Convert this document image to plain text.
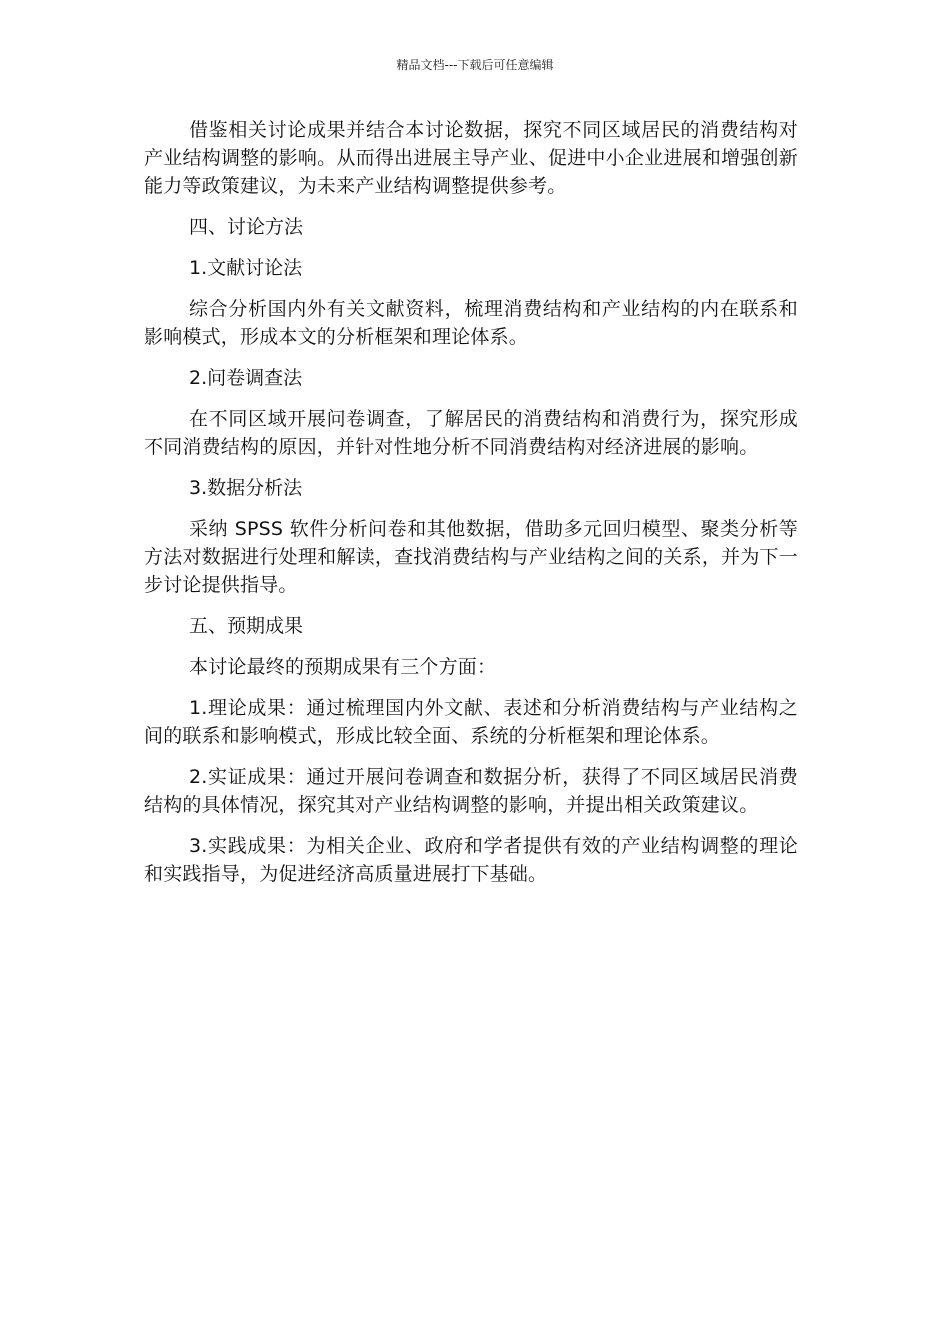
精品文档---下载后可任意编辑

借鉴相关讨论成果并结合本讨论数据，探究不同区域居民的消费结构对产业结构调整的影响。从而得出进展主导产业、促进中小企业进展和增强创新能力等政策建议，为未来产业结构调整提供参考。

四、讨论方法

1.文献讨论法

综合分析国内外有关文献资料，梳理消费结构和产业结构的内在联系和影响模式，形成本文的分析框架和理论体系。

2.问卷调查法

在不同区域开展问卷调查，了解居民的消费结构和消费行为，探究形成不同消费结构的原因，并针对性地分析不同消费结构对经济进展的影响。

3.数据分析法

采纳 SPSS 软件分析问卷和其他数据，借助多元回归模型、聚类分析等方法对数据进行处理和解读，查找消费结构与产业结构之间的关系，并为下一步讨论提供指导。

五、预期成果

本讨论最终的预期成果有三个方面：

1.理论成果：通过梳理国内外文献、表述和分析消费结构与产业结构之间的联系和影响模式，形成比较全面、系统的分析框架和理论体系。

2.实证成果：通过开展问卷调查和数据分析，获得了不同区域居民消费结构的具体情况，探究其对产业结构调整的影响，并提出相关政策建议。

3.实践成果：为相关企业、政府和学者提供有效的产业结构调整的理论和实践指导，为促进经济高质量进展打下基础。
